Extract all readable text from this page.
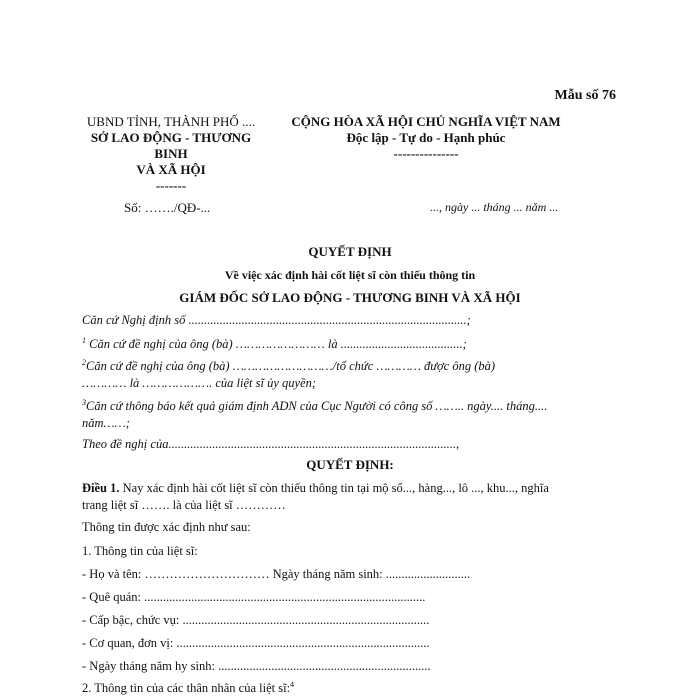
Mẫu số 76
UBND TỈNH, THÀNH PHỐ ....
SỞ LAO ĐỘNG - THƯƠNG
BINH
VÀ XÃ HỘI
-------
CỘNG HÒA XÃ HỘI CHỦ NGHĨA VIỆT NAM
Độc lập - Tự do - Hạnh phúc
---------------
Số: ……./QĐ-...	..., ngày ... tháng ... năm ...
QUYẾT ĐỊNH
Về việc xác định hài cốt liệt sĩ còn thiếu thông tin
GIÁM ĐỐC SỞ LAO ĐỘNG - THƯƠNG BINH VÀ XÃ HỘI
Căn cứ Nghị định số .........................................................................................;
$^1$ Căn cứ đề nghị của ông (bà) …………………… là .......................................;
$^2$Căn cứ đề nghị của ông (bà) ………………………/tổ chức ………… được ông (bà)
………… là ………………. của liệt sĩ ủy quyền;
$^3$Căn cứ thông báo kết quả giám định ADN của Cục Người có công số …….. ngày.... tháng....
năm……;
Theo đề nghị của............................................................................................,
QUYẾT ĐỊNH:
Điều 1. Nay xác định hài cốt liệt sĩ còn thiếu thông tin tại mộ số..., hàng..., lô ..., khu..., nghĩa
trang liệt sĩ ……. là của liệt sĩ …………
Thông tin được xác định như sau:
1. Thông tin của liệt sĩ:
- Họ và tên: ………………………… Ngày tháng năm sinh: ...........................
- Quê quán: ..........................................................................................
- Cấp bậc, chức vụ: ...............................................................................
- Cơ quan, đơn vị: .................................................................................
- Ngày tháng năm hy sinh: ....................................................................
2. Thông tin của các thân nhân của liệt sĩ:$^4$
